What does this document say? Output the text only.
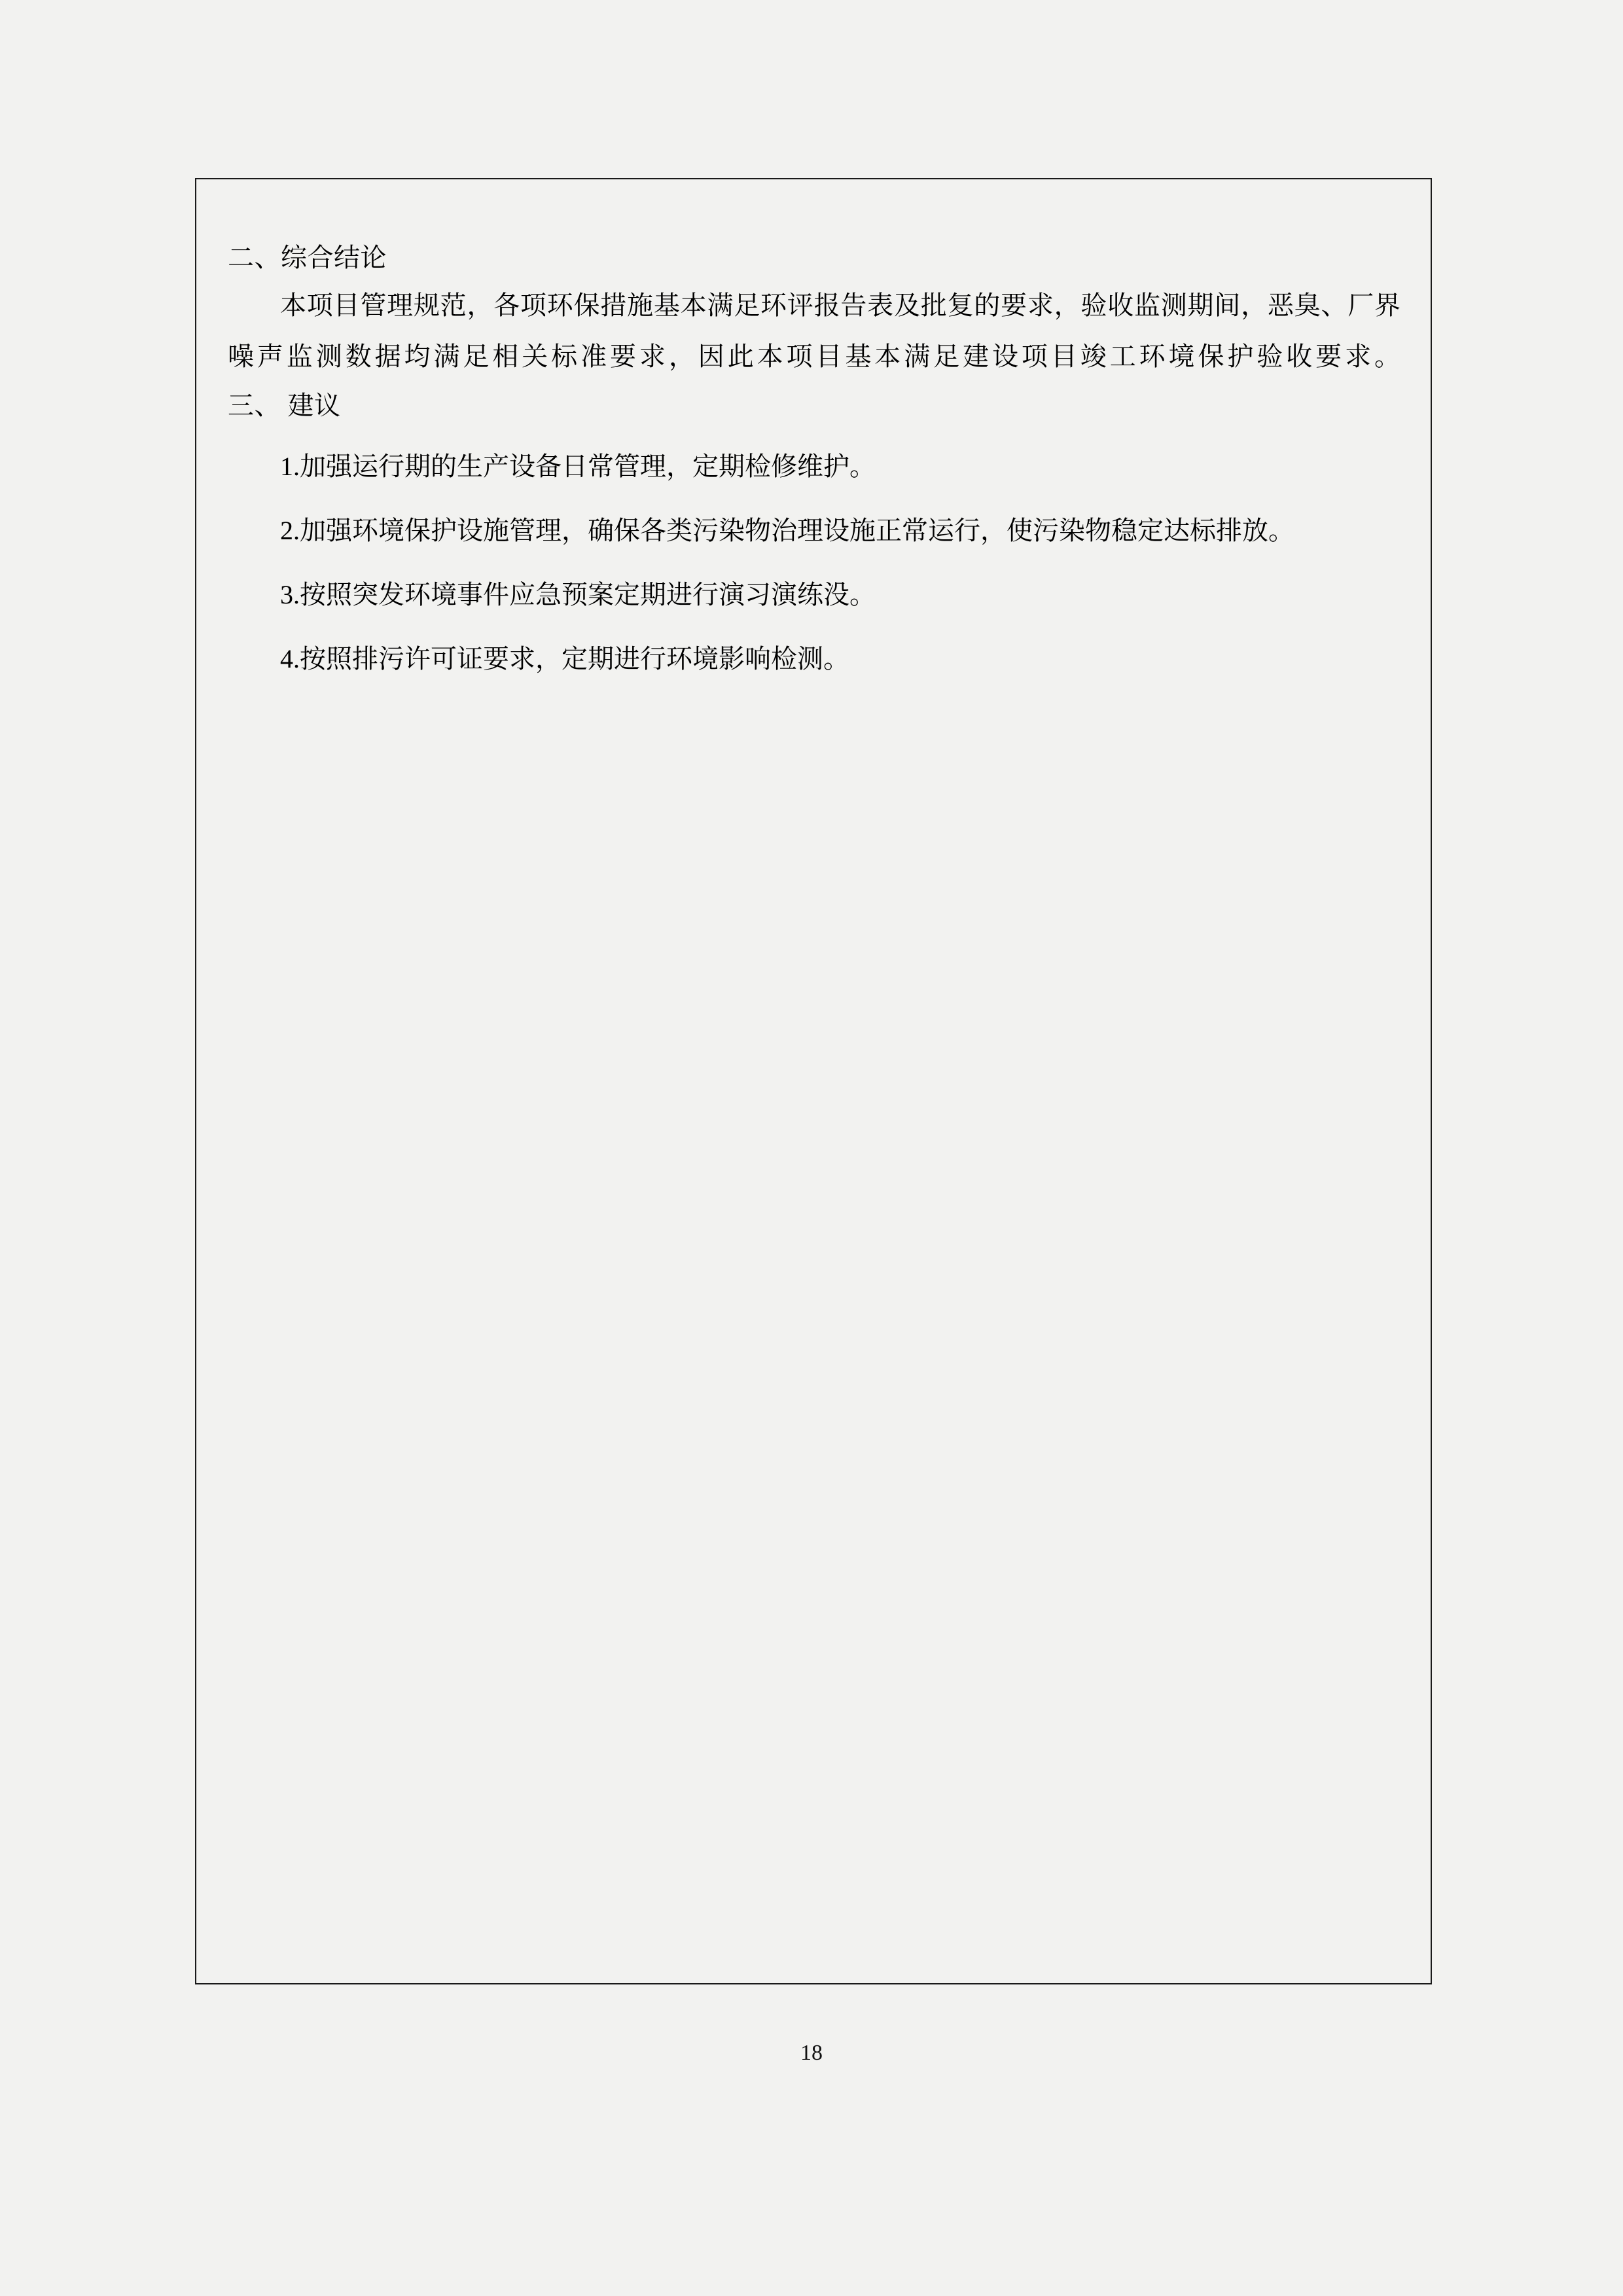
二、综合结论

本项目管理规范，各项环保措施基本满足环评报告表及批复的要求，验收监测期间，恶臭、厂界噪声监测数据均满足相关标准要求，因此本项目基本满足建设项目竣工环境保护验收要求。

三、 建议

1.加强运行期的生产设备日常管理，定期检修维护。

2.加强环境保护设施管理，确保各类污染物治理设施正常运行，使污染物稳定达标排放。

3.按照突发环境事件应急预案定期进行演习演练没。

4.按照排污许可证要求，定期进行环境影响检测。

18
